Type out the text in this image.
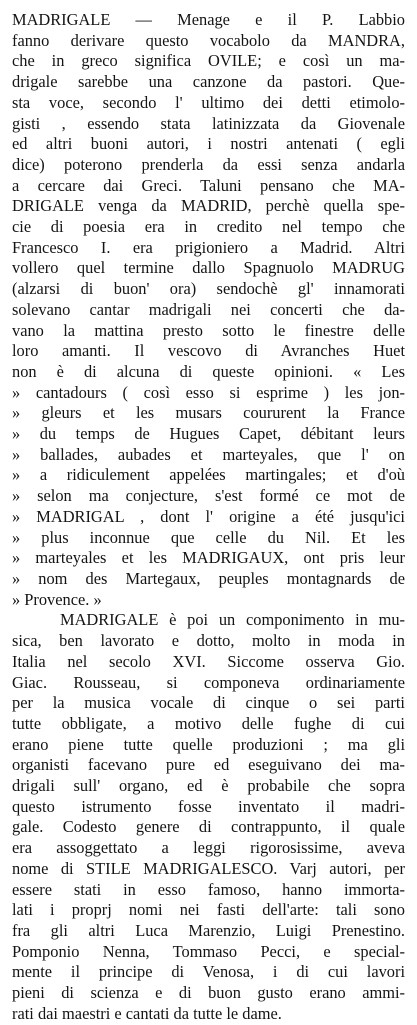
MADRIGALE — Menage e il P. Labbio
fanno derivare questo vocabolo da MANDRA,
che in greco significa OVILE; e così un ma-
drigale sarebbe una canzone da pastori. Que-
sta voce, secondo l' ultimo dei detti etimolo-
gisti , essendo stata latinizzata da Giovenale
ed altri buoni autori, i nostri antenati ( egli
dice) poterono prenderla da essi senza andarla
a cercare dai Greci. Taluni pensano che MA-
DRIGALE venga da MADRID, perchè quella spe-
cie di poesia era in credito nel tempo che
Francesco I. era prigioniero a Madrid. Altri
vollero quel termine dallo Spagnuolo MADRUG
(alzarsi di buon' ora) sendochè gl' innamorati
solevano cantar madrigali nei concerti che da-
vano la mattina presto sotto le finestre delle
loro amanti. Il vescovo di Avranches Huet
non è di alcuna di queste opinioni. « Les
» cantadours ( così esso si esprime ) les jon-
» gleurs et les musars coururent la France
» du temps de Hugues Capet, débitant leurs
» ballades, aubades et marteyales, que l' on
» a ridiculement appelées martingales; et d'où
» selon ma conjecture, s'est formé ce mot de
» MADRIGAL , dont l' origine a été jusqu'ici
» plus inconnue que celle du Nil. Et les
» marteyales et les MADRIGAUX, ont pris leur
» nom des Martegaux, peuples montagnards de
» Provence. »
MADRIGALE è poi un componimento in mu-
sica, ben lavorato e dotto, molto in moda in
Italia nel secolo XVI. Siccome osserva Gio.
Giac. Rousseau, si componeva ordinariamente
per la musica vocale di cinque o sei parti
tutte obbligate, a motivo delle fughe di cui
erano piene tutte quelle produzioni ; ma gli
organisti facevano pure ed eseguivano dei ma-
drigali sull' organo, ed è probabile che sopra
questo istrumento fosse inventato il madri-
gale. Codesto genere di contrappunto, il quale
era assoggettato a leggi rigorosissime, aveva
nome di STILE MADRIGALESCO. Varj autori, per
essere stati in esso famoso, hanno immorta-
lati i proprj nomi nei fasti dell'arte: tali sono
fra gli altri Luca Marenzio, Luigi Prenestino.
Pomponio Nenna, Tommaso Pecci, e special-
mente il principe di Venosa, i di cui lavori
pieni di scienza e di buon gusto erano ammi-
rati dai maestri e cantati da tutte le dame.
